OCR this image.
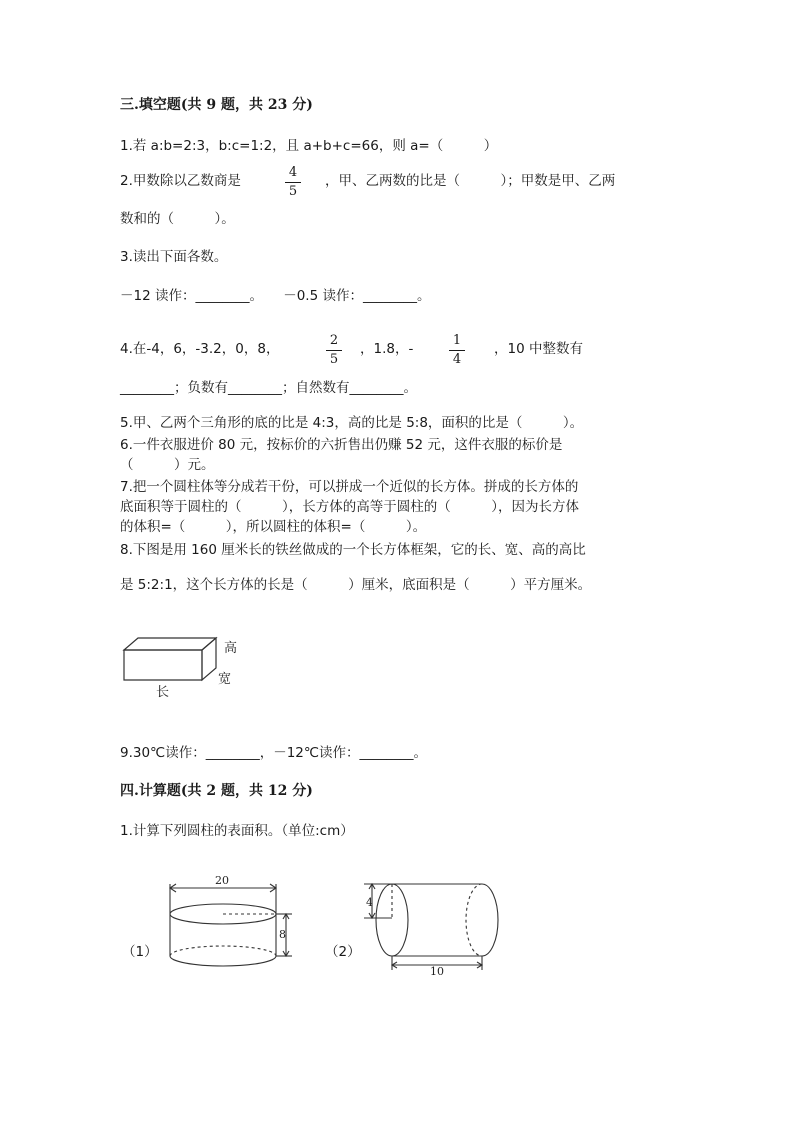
三.填空题(共 9 题，共 23 分)
1.若 a:b=2:3，b:c=1:2，且 a+b+c=66，则 a=（　　　）
2.甲数除以乙数商是
4
5
，甲、乙两数的比是（　　　）；甲数是甲、乙两
数和的（　　　）。
3.读出下面各数。
－12 读作：________。　　－0.5 读作：________。
4.在-4，6，-3.2，0，8，
2
5
，1.8，-
1
4
，10 中整数有
________；负数有________；自然数有________。
5.甲、乙两个三角形的底的比是 4:3，高的比是 5:8，面积的比是（　　　）。
6.一件衣服进价 80 元，按标价的六折售出仍赚 52 元，这件衣服的标价是
（　　　）元。
7.把一个圆柱体等分成若干份，可以拼成一个近似的长方体。拼成的长方体的
底面积等于圆柱的（　　　），长方体的高等于圆柱的（　　　），因为长方体
的体积=（　　　），所以圆柱的体积=（　　　）。
8.下图是用 160 厘米长的铁丝做成的一个长方体框架，它的长、宽、高的高比
是 5:2:1，这个长方体的长是（　　　）厘米，底面积是（　　　）平方厘米。
高
宽
长
9.30℃读作：________，－12℃读作：________。
四.计算题(共 2 题，共 12 分)
1.计算下列圆柱的表面积。（单位:cm）
（1）
20
8
（2）
4
10
